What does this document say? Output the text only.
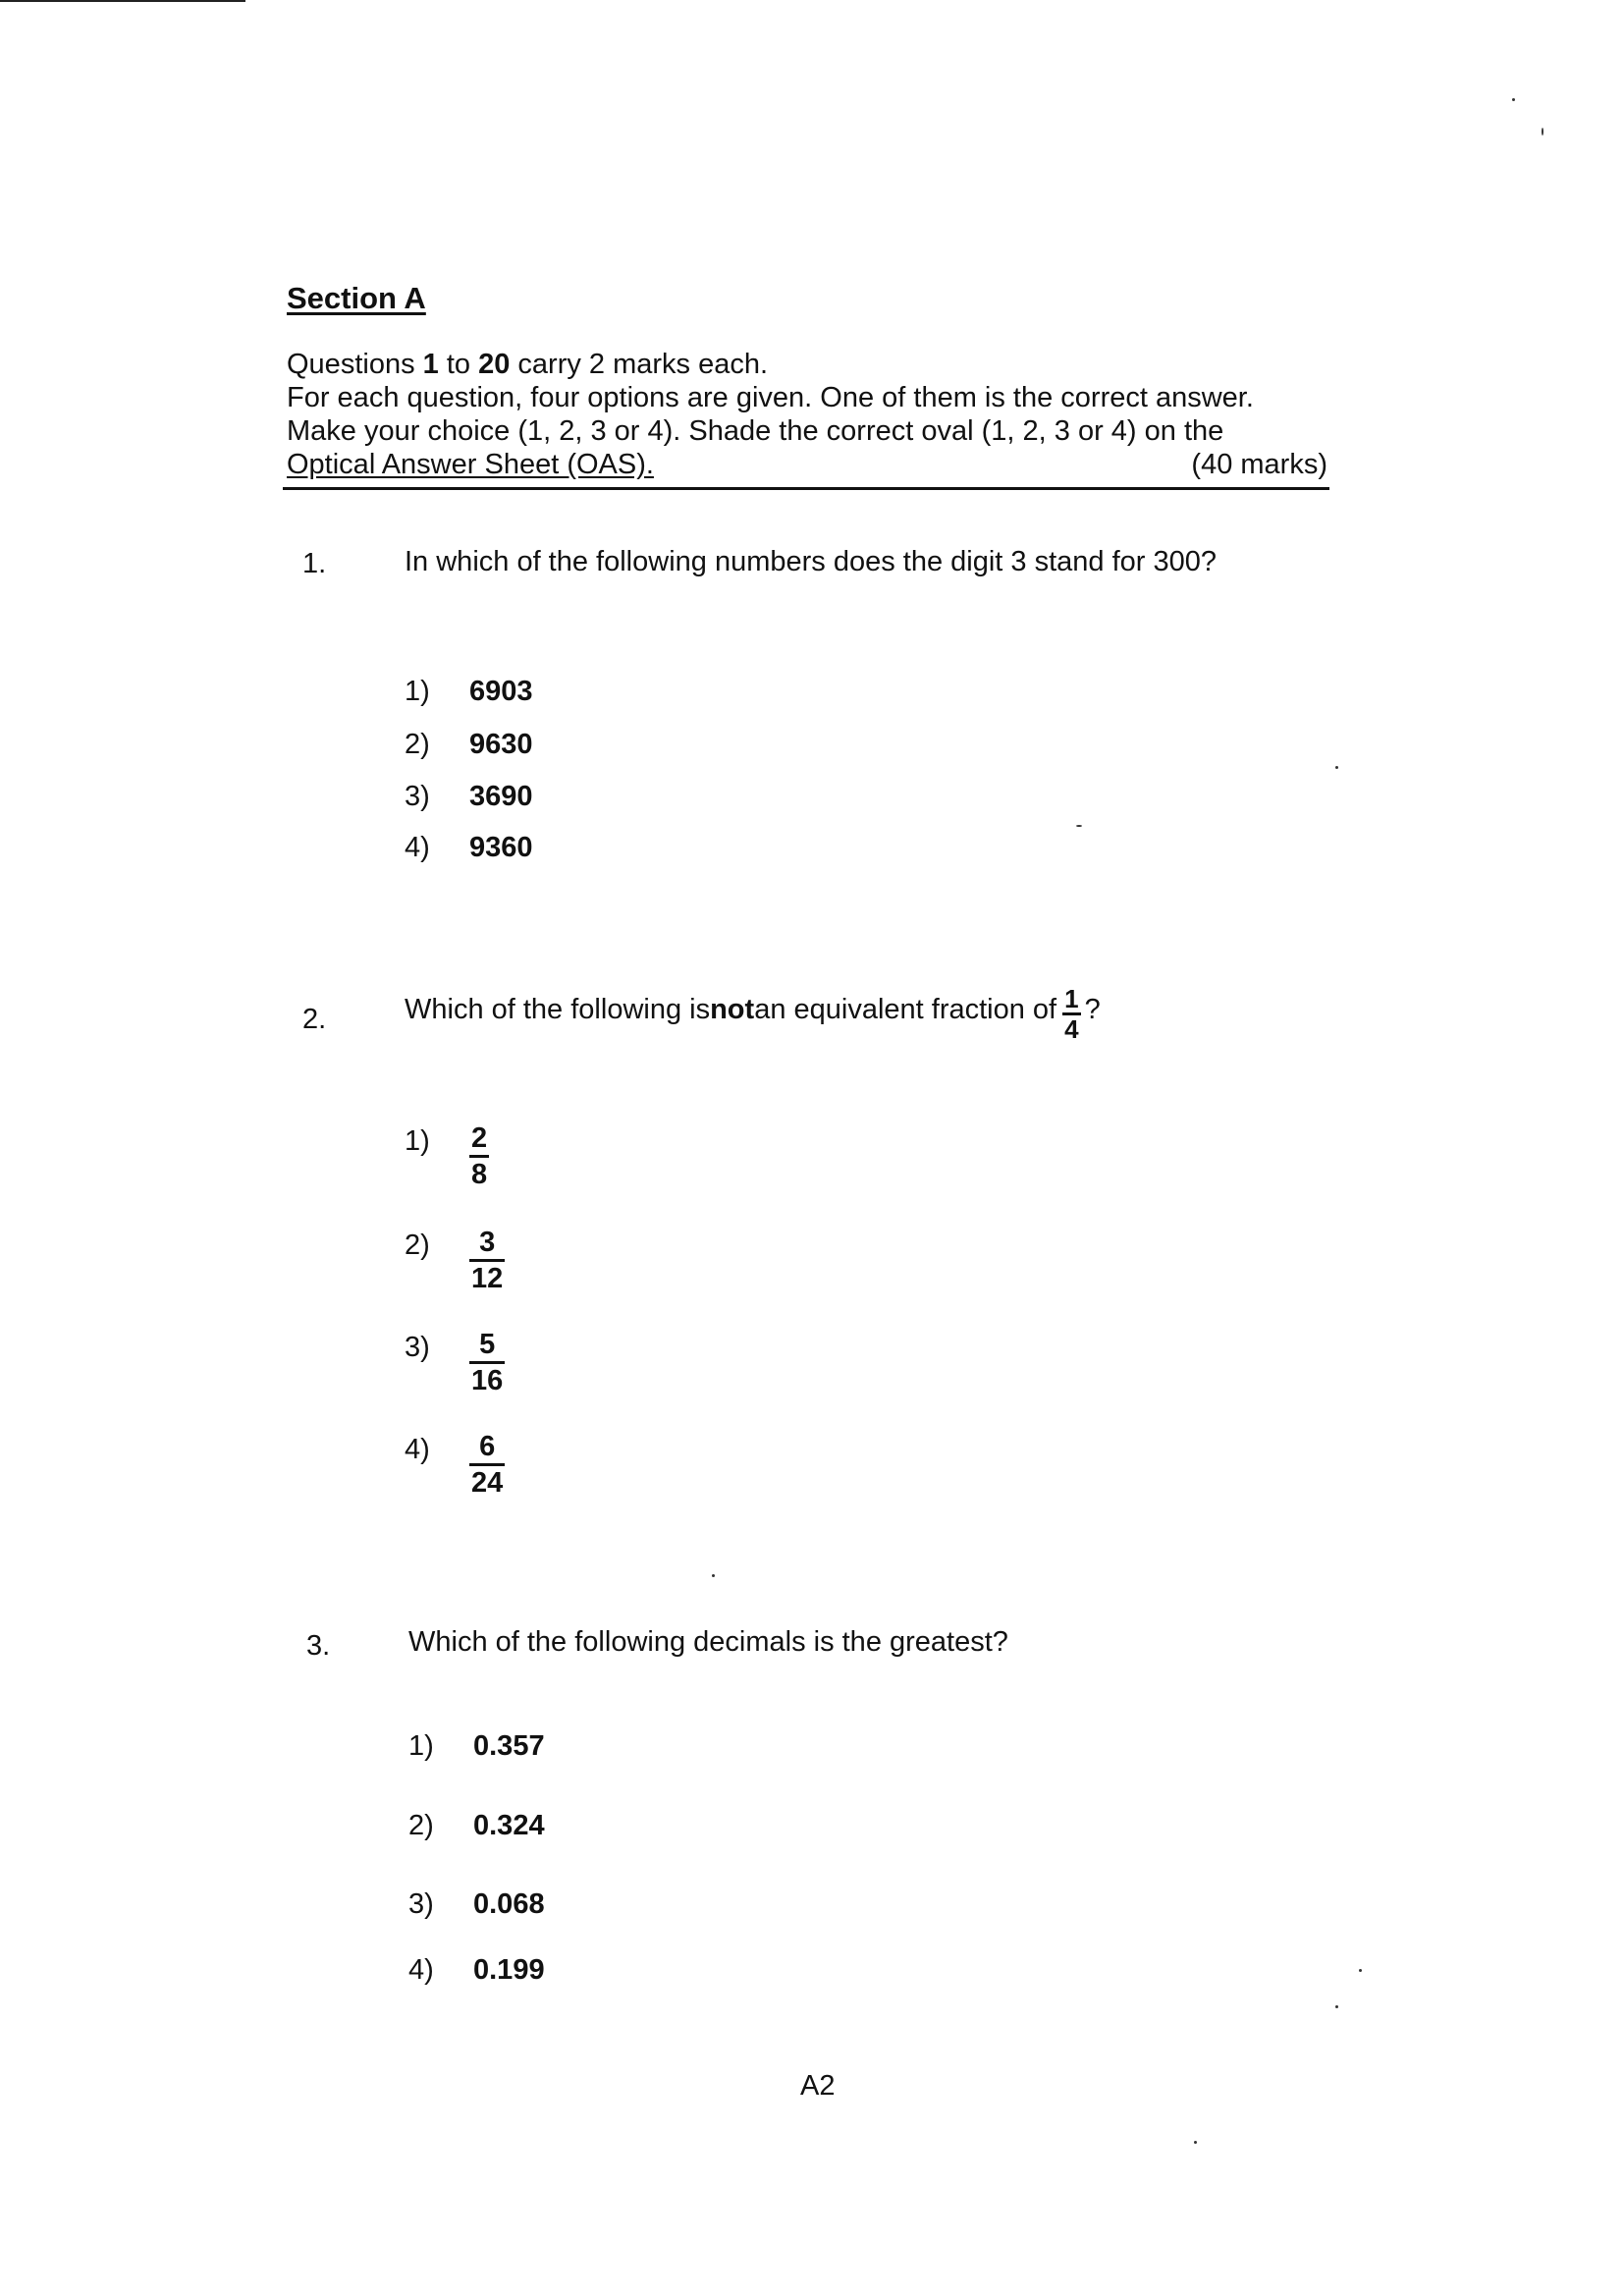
Section A
Questions 1 to 20 carry 2 marks each.
For each question, four options are given. One of them is the correct answer.
Make your choice (1, 2, 3 or 4). Shade the correct oval (1, 2, 3 or 4) on the
Optical Answer Sheet (OAS).	(40 marks)
1.	In which of the following numbers does the digit 3 stand for 300?
1)	6903
2)	9630
3)	3690
4)	9360
2.	Which of the following is not an equivalent fraction of $\frac{1}{4}$ ?
1)	$\frac{2}{8}$
2)	$\frac{3}{12}$
3)	$\frac{5}{16}$
4)	$\frac{6}{24}$
3.	Which of the following decimals is the greatest?
1)	0.357
2)	0.324
3)	0.068
4)	0.199
A2
